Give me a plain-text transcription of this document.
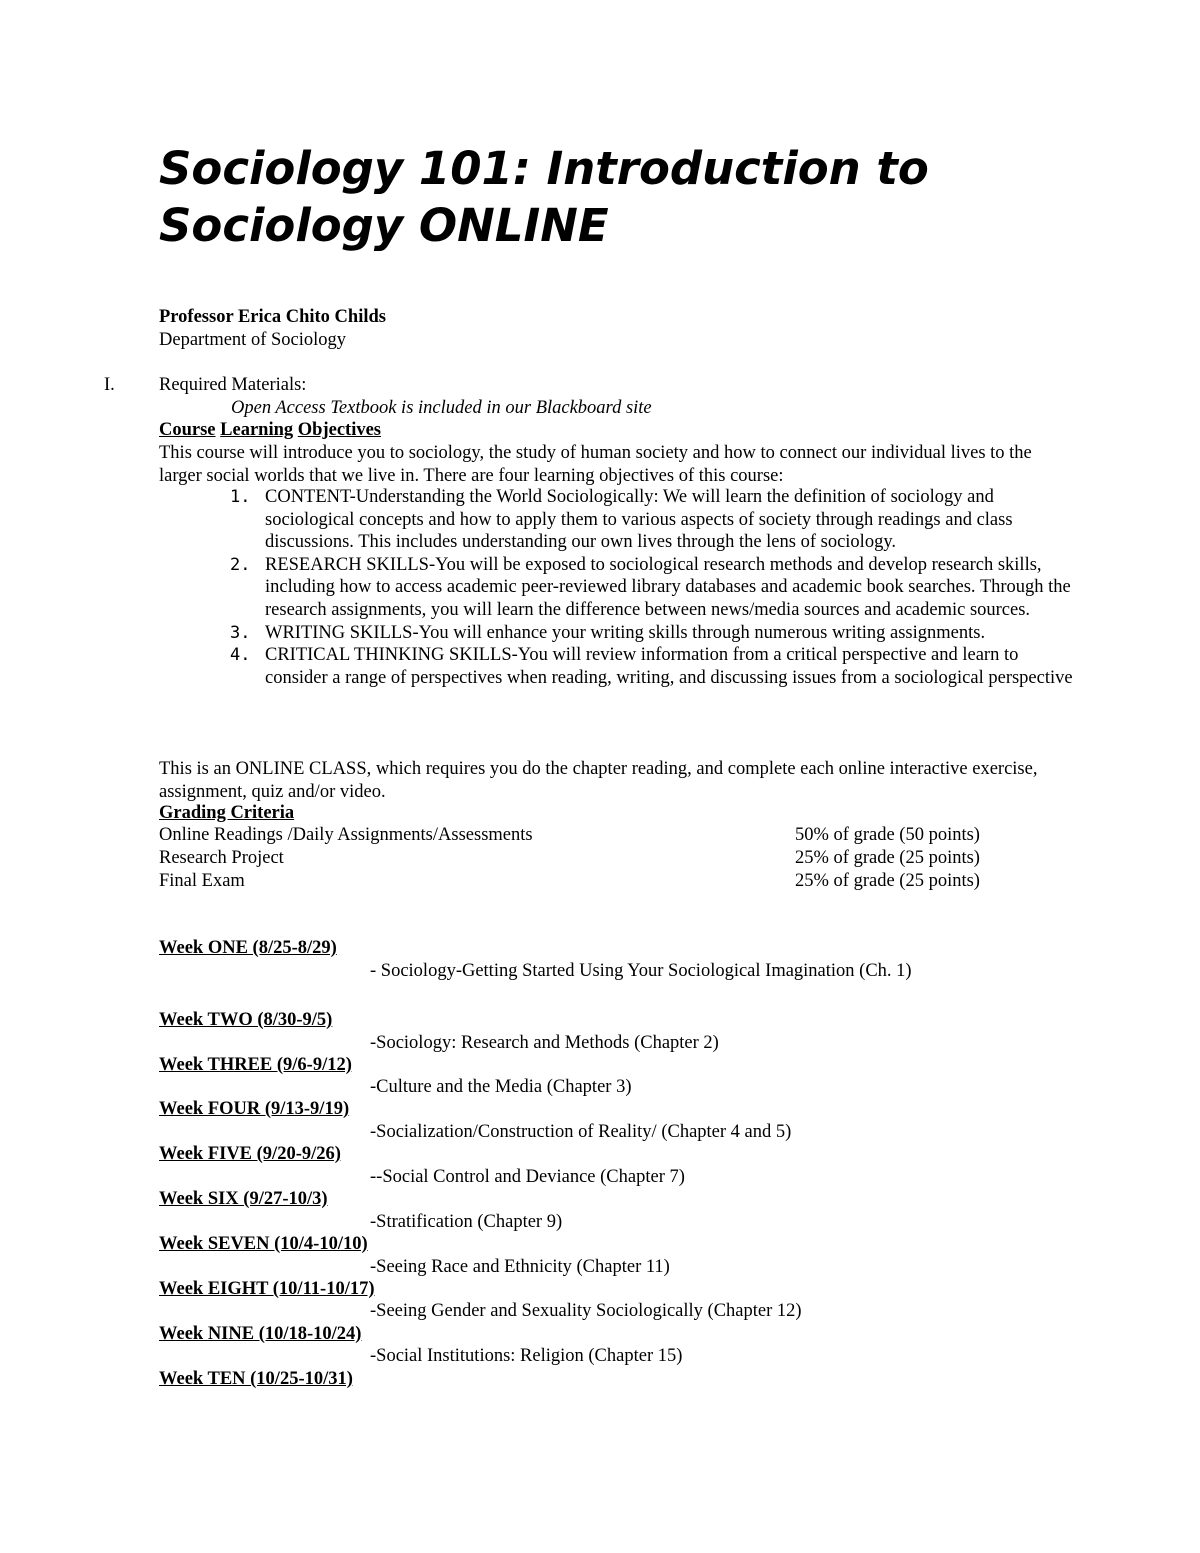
Sociology 101: Introduction to Sociology ONLINE
Professor Erica Chito Childs
Department of Sociology
I. Required Materials:
Open Access Textbook is included in our Blackboard site
Course Learning Objectives
This course will introduce you to sociology, the study of human society and how to connect our individual lives to the larger social worlds that we live in. There are four learning objectives of this course:
1. CONTENT-Understanding the World Sociologically: We will learn the definition of sociology and sociological concepts and how to apply them to various aspects of society through readings and class discussions. This includes understanding our own lives through the lens of sociology.
2. RESEARCH SKILLS-You will be exposed to sociological research methods and develop research skills, including how to access academic peer-reviewed library databases and academic book searches. Through the research assignments, you will learn the difference between news/media sources and academic sources.
3. WRITING SKILLS-You will enhance your writing skills through numerous writing assignments.
4. CRITICAL THINKING SKILLS-You will review information from a critical perspective and learn to consider a range of perspectives when reading, writing, and discussing issues from a sociological perspective
This is an ONLINE CLASS, which requires you do the chapter reading, and complete each online interactive exercise, assignment, quiz and/or video.
Grading Criteria
Online Readings /Daily Assignments/Assessments	50% of grade (50 points)
Research Project	25% of grade (25 points)
Final Exam	25% of grade (25 points)
Week ONE (8/25-8/29)
- Sociology-Getting Started Using Your Sociological Imagination (Ch. 1)
Week TWO (8/30-9/5)
-Sociology: Research and Methods (Chapter 2)
Week THREE (9/6-9/12)
-Culture and the Media (Chapter 3)
Week FOUR (9/13-9/19)
-Socialization/Construction of Reality/ (Chapter 4 and 5)
Week FIVE (9/20-9/26)
--Social Control and Deviance (Chapter 7)
Week SIX (9/27-10/3)
-Stratification (Chapter 9)
Week SEVEN (10/4-10/10)
-Seeing Race and Ethnicity (Chapter 11)
Week EIGHT (10/11-10/17)
-Seeing Gender and Sexuality Sociologically (Chapter 12)
Week NINE (10/18-10/24)
-Social Institutions: Religion (Chapter 15)
Week TEN (10/25-10/31)
